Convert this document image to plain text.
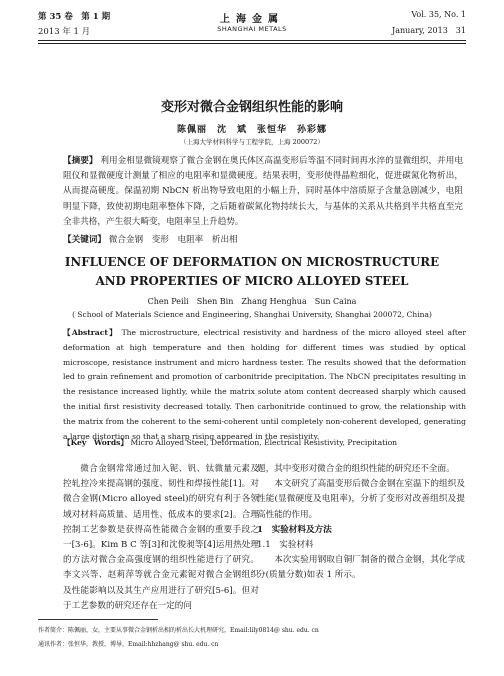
第 35 卷　第 1 期
2013 年 1 月
上海金属
SHANGHAI METALS
Vol. 35, No. 1
January, 2013　31
变形对微合金钢组织性能的影响
陈佩丽　沈　斌　张恒华　孙彩娜
（上海大学材料科学与工程学院，上海 200072）
【摘要】 利用金相显微镜观察了微合金钢在奥氏体区高温变形后等温不同时间再水淬的显微组织，并用电阻仪和显微硬度计测量了相应的电阻率和显微硬度。结果表明，变形使得晶粒细化，促进碳氮化物析出，从而提高硬度。保温初期 NbCN 析出物导致电阻的小幅上升，同时基体中溶质原子含量急剧减少，电阻明显下降，致使初期电阻率整体下降，之后随着碳氮化物持续长大，与基体的关系从共格到半共格直至完全非共格，产生很大畸变，电阻率呈上升趋势。
【关键词】 微合金钢　变形　电阻率　析出相
INFLUENCE OF DEFORMATION ON MICROSTRUCTURE
AND PROPERTIES OF MICRO ALLOYED STEEL
Chen Peili　Shen Bin　Zhang Henghua　Sun Caina
( School of Materials Science and Engineering, Shanghai University, Shanghai 200072, China)
【Abstract】 The microstructure, electrical resistivity and hardness of the micro alloyed steel after deformation at high temperature and then holding for different times was studied by optical microscope, resistance instrument and micro hardness tester. The results showed that the deformation led to grain refinement and promotion of carbonitride precipitation. The NbCN precipitates resulting in the resistance increased lightly, while the matrix solute atom content decreased sharply which caused the initial first resistivity decreased totally. Then carbonitride continued to grow, the relationship with the matrix from the coherent to the semi-coherent until completely non-coherent developed, generating a large distortion so that a sharp rising appeared in the resistivity.
【Key　Words】 Micro Alloyed Steel, Deformation, Electrical Resistivity, Precipitation

微合金钢常常通过加入铌、钒、钛微量元素及控轧控冷来提高钢的强度、韧性和焊接性能[1]。对微合金钢(Micro alloyed steel)的研究有利于各领域对材料高质量、适用性、低成本的要求[2]。合理控制工艺参数是获得高性能微合金钢的重要手段之一[3-6]。Kim B C 等[3]和沈俊昶等[4]运用热处理的方法对微合金高强度钢的组织性能进行了研究。李文兴等、赵莉萍等就合金元素铌对微合金钢组织及性能影响以及其生产应用进行了研究[5-6]。但对于工艺参数的研究还存在一定的问

题，其中变形对微合金的组织性能的研究还不全面。

本文研究了高温变形后微合金钢在室温下的组织及性能(显微硬度及电阻率)，分析了变形对改善组织及提高性能的作用。

1　实验材料及方法
1.1　实验材料

本次实验用钢取自铜厂制备的微合金钢，其化学成分(质量分数)如表 1 所示。

作者简介：陈佩丽，女，主要从事微合金钢析出相的析出长大机理研究，Email:lily0814@ shu. edu. cn
通讯作者：张恒华，教授，博导，Email:hhzhang@ shu. edu. cn
